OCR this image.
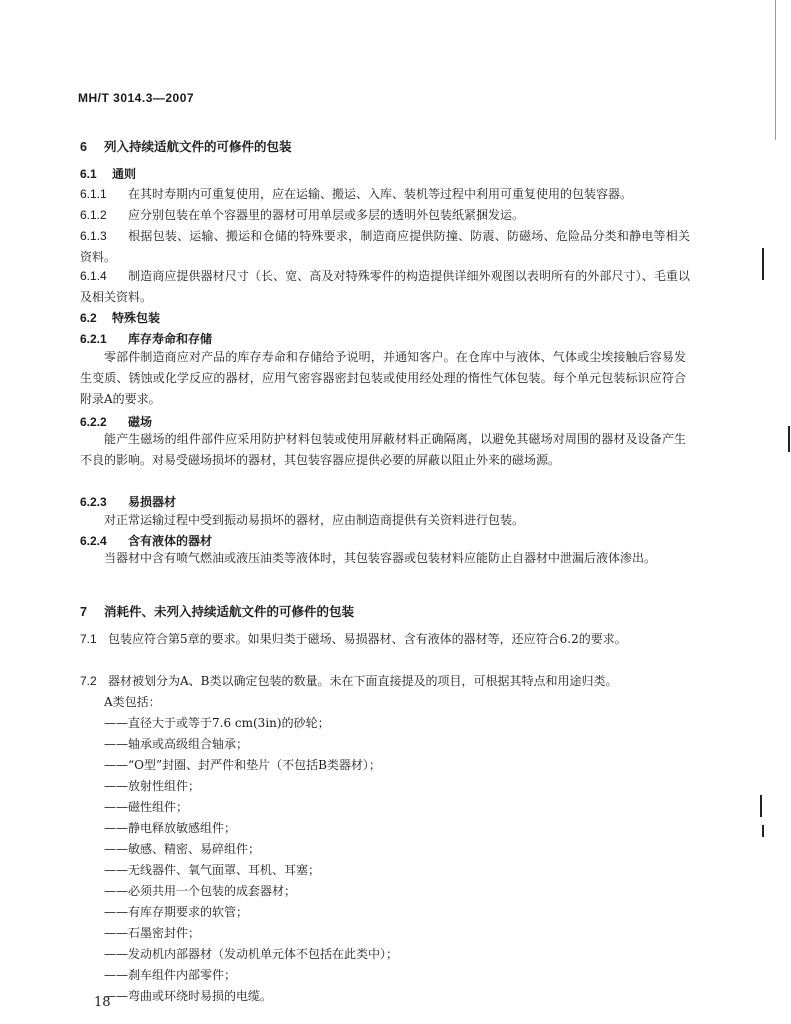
MH/T 3014.3—2007
6 列入持续适航文件的可修件的包装
6.1 通则
6.1.1 在其时寿期内可重复使用，应在运输、搬运、入库、装机等过程中利用可重复使用的包装容器。
6.1.2 应分别包装在单个容器里的器材可用单层或多层的透明外包装纸紧捆发运。
6.1.3 根据包装、运输、搬运和仓储的特殊要求，制造商应提供防撞、防震、防磁场、危险品分类和静电等相关资料。
6.1.4 制造商应提供器材尺寸（长、宽、高及对特殊零件的构造提供详细外观图以表明所有的外部尺寸）、毛重以及相关资料。
6.2 特殊包装
6.2.1 库存寿命和存储
零部件制造商应对产品的库存寿命和存储给予说明，并通知客户。在仓库中与液体、气体或尘埃接触后容易发生变质、锈蚀或化学反应的器材，应用气密容器密封包装或使用经处理的惰性气体包装。每个单元包装标识应符合附录A的要求。
6.2.2 磁场
能产生磁场的组件部件应采用防护材料包装或使用屏蔽材料正确隔离，以避免其磁场对周围的器材及设备产生不良的影响。对易受磁场损坏的器材，其包装容器应提供必要的屏蔽以阻止外来的磁场源。
6.2.3 易损器材
对正常运输过程中受到振动易损坏的器材，应由制造商提供有关资料进行包装。
6.2.4 含有液体的器材
当器材中含有喷气燃油或液压油类等液体时，其包装容器或包装材料应能防止自器材中泄漏后液体渗出。
7 消耗件、未列入持续适航文件的可修件的包装
7.1 包装应符合第5章的要求。如果归类于磁场、易损器材、含有液体的器材等，还应符合6.2的要求。
7.2 器材被划分为A、B类以确定包装的数量。未在下面直接提及的项目，可根据其特点和用途归类。
A类包括：
——直径大于或等于7.6 cm(3in)的砂轮；
——轴承或高级组合轴承；
——“O型”封圈、封严件和垫片（不包括B类器材）；
——放射性组件；
——磁性组件；
——静电释放敏感组件；
——敏感、精密、易碎组件；
——无线器件、氧气面罩、耳机、耳塞；
——必须共用一个包装的成套器材；
——有库存期要求的软管；
——石墨密封件；
——发动机内部器材（发动机单元体不包括在此类中）；
——刹车组件内部零件；
——弯曲或环绕时易损的电缆。
18
